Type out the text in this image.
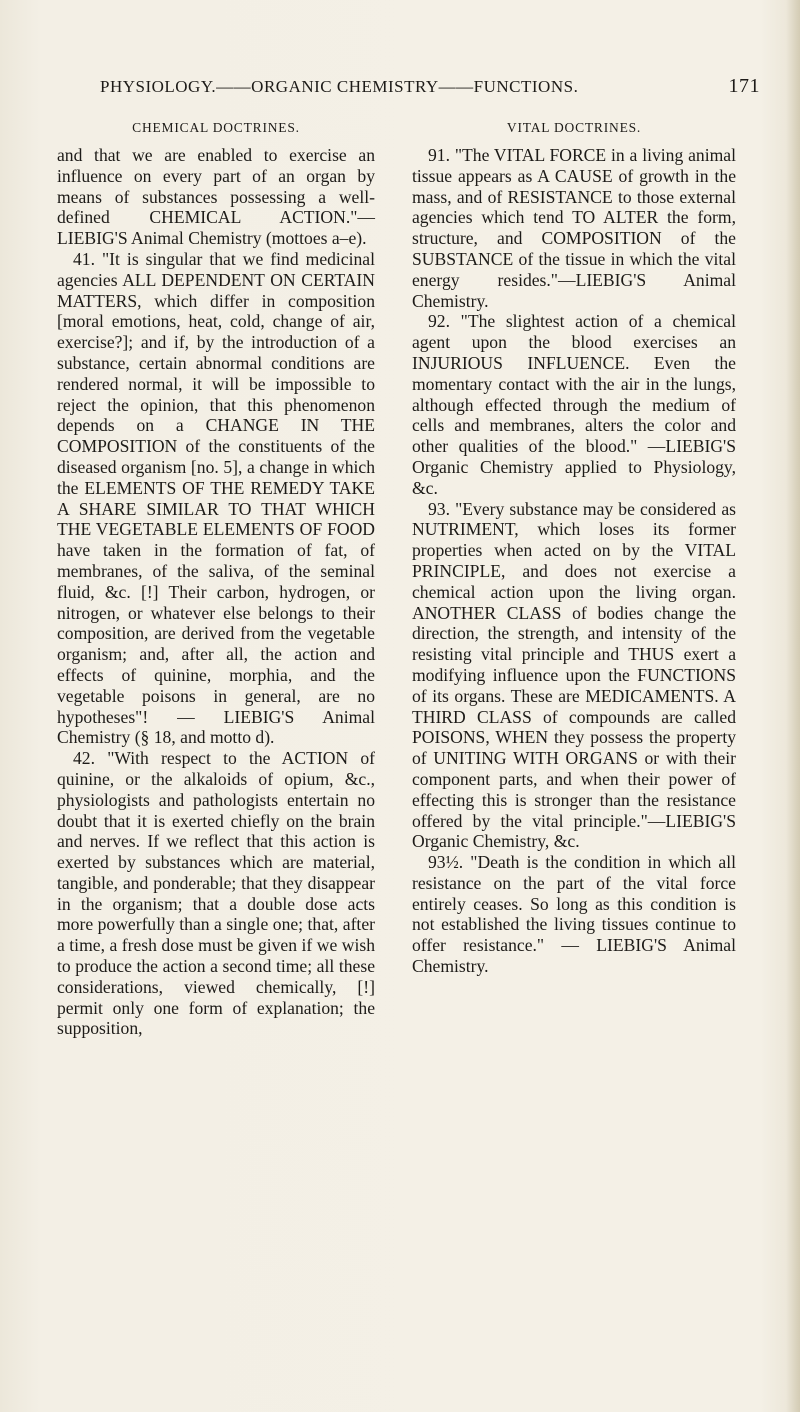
PHYSIOLOGY.——ORGANIC CHEMISTRY——FUNCTIONS.	171
CHEMICAL DOCTRINES.

and that we are enabled to exercise an influence on every part of an organ by means of substances possessing a well-defined CHEMICAL ACTION."—LIEBIG'S Animal Chemistry (mottoes a–e).

41. "It is singular that we find medicinal agencies ALL DEPENDENT ON CERTAIN MATTERS, which differ in composition [moral emotions, heat, cold, change of air, exercise?]; and if, by the introduction of a substance, certain abnormal conditions are rendered normal, it will be impossible to reject the opinion, that this phenomenon depends on a CHANGE IN THE COMPOSITION of the constituents of the diseased organism [no. 5], a change in which the ELEMENTS OF THE REMEDY TAKE A SHARE SIMILAR TO THAT WHICH THE VEGETABLE ELEMENTS OF FOOD have taken in the formation of fat, of membranes, of the saliva, of the seminal fluid, &c. [!] Their carbon, hydrogen, or nitrogen, or whatever else belongs to their composition, are derived from the vegetable organism; and, after all, the action and effects of quinine, morphia, and the vegetable poisons in general, are no hypotheses"! — LIEBIG'S Animal Chemistry (§ 18, and motto d).

42. "With respect to the ACTION of quinine, or the alkaloids of opium, &c., physiologists and pathologists entertain no doubt that it is exerted chiefly on the brain and nerves. If we reflect that this action is exerted by substances which are material, tangible, and ponderable; that they disappear in the organism; that a double dose acts more powerfully than a single one; that, after a time, a fresh dose must be given if we wish to produce the action a second time; all these considerations, viewed chemically, [!] permit only one form of explanation; the supposition,

VITAL DOCTRINES.

91. "The VITAL FORCE in a living animal tissue appears as A CAUSE of growth in the mass, and of RESISTANCE to those external agencies which tend TO ALTER the form, structure, and COMPOSITION of the SUBSTANCE of the tissue in which the vital energy resides."—LIEBIG'S Animal Chemistry.

92. "The slightest action of a chemical agent upon the blood exercises an INJURIOUS INFLUENCE. Even the momentary contact with the air in the lungs, although effected through the medium of cells and membranes, alters the color and other qualities of the blood." —LIEBIG'S Organic Chemistry applied to Physiology, &c.

93. "Every substance may be considered as NUTRIMENT, which loses its former properties when acted on by the VITAL PRINCIPLE, and does not exercise a chemical action upon the living organ. ANOTHER CLASS of bodies change the direction, the strength, and intensity of the resisting vital principle and THUS exert a modifying influence upon the FUNCTIONS of its organs. These are MEDICAMENTS. A THIRD CLASS of compounds are called POISONS, WHEN they possess the property of UNITING WITH ORGANS or with their component parts, and when their power of effecting this is stronger than the resistance offered by the vital principle."—LIEBIG'S Organic Chemistry, &c.

93½. "Death is the condition in which all resistance on the part of the vital force entirely ceases. So long as this condition is not established the living tissues continue to offer resistance." — LIEBIG'S Animal Chemistry.
